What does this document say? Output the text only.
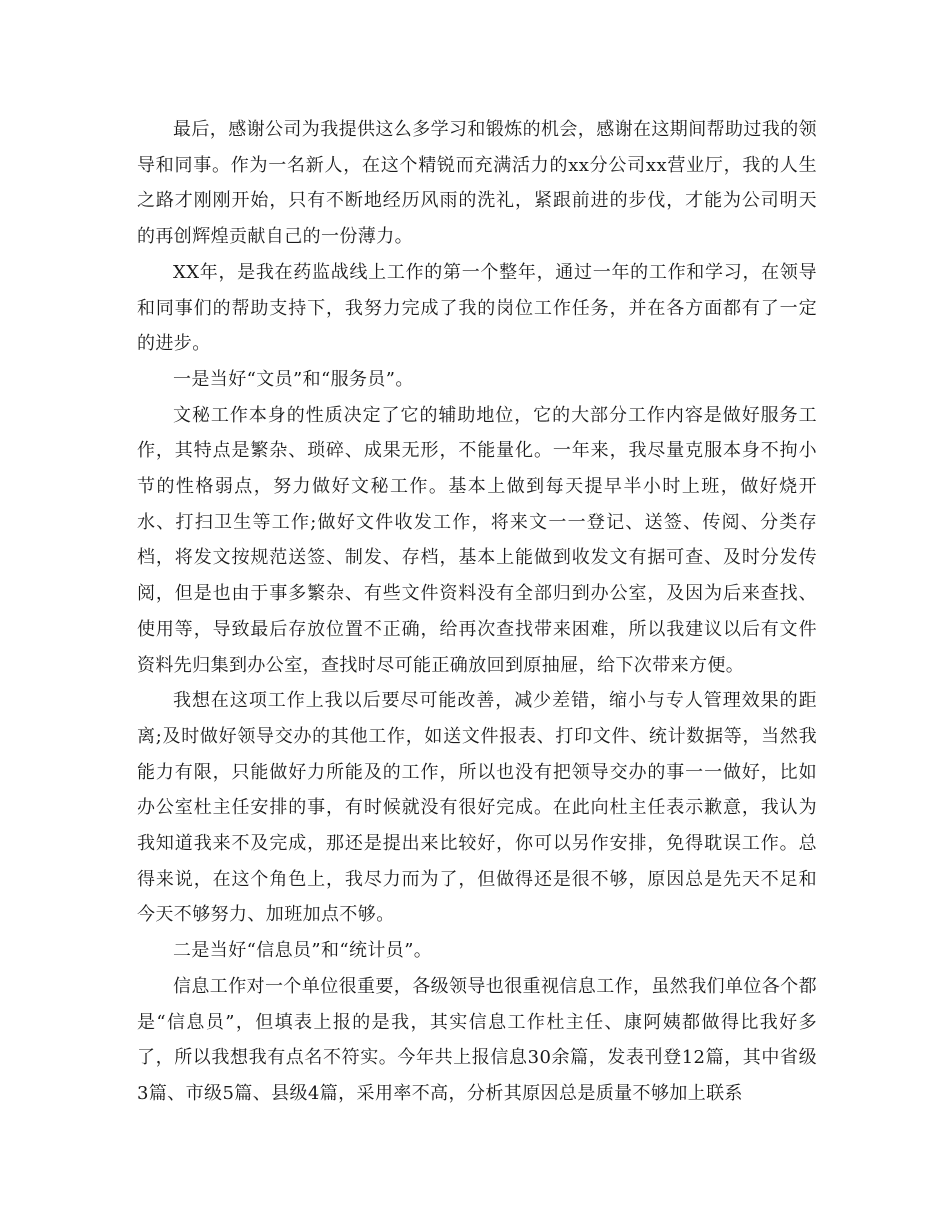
最后，感谢公司为我提供这么多学习和锻炼的机会，感谢在这期间帮助过我的领导和同事。作为一名新人，在这个精锐而充满活力的xx分公司xx营业厅，我的人生之路才刚刚开始，只有不断地经历风雨的洗礼，紧跟前进的步伐，才能为公司明天的再创辉煌贡献自己的一份薄力。

XX年，是我在药监战线上工作的第一个整年，通过一年的工作和学习，在领导和同事们的帮助支持下，我努力完成了我的岗位工作任务，并在各方面都有了一定的进步。

一是当好“文员”和“服务员”。

文秘工作本身的性质决定了它的辅助地位，它的大部分工作内容是做好服务工作，其特点是繁杂、琐碎、成果无形，不能量化。一年来，我尽量克服本身不拘小节的性格弱点，努力做好文秘工作。基本上做到每天提早半小时上班，做好烧开水、打扫卫生等工作;做好文件收发工作，将来文一一登记、送签、传阅、分类存档，将发文按规范送签、制发、存档，基本上能做到收发文有据可查、及时分发传阅，但是也由于事多繁杂、有些文件资料没有全部归到办公室，及因为后来查找、使用等，导致最后存放位置不正确，给再次查找带来困难，所以我建议以后有文件资料先归集到办公室，查找时尽可能正确放回到原抽屉，给下次带来方便。

我想在这项工作上我以后要尽可能改善，减少差错，缩小与专人管理效果的距离;及时做好领导交办的其他工作，如送文件报表、打印文件、统计数据等，当然我能力有限，只能做好力所能及的工作，所以也没有把领导交办的事一一做好，比如办公室杜主任安排的事，有时候就没有很好完成。在此向杜主任表示歉意，我认为我知道我来不及完成，那还是提出来比较好，你可以另作安排，免得耽误工作。总得来说，在这个角色上，我尽力而为了，但做得还是很不够，原因总是先天不足和今天不够努力、加班加点不够。

二是当好“信息员”和“统计员”。

信息工作对一个单位很重要，各级领导也很重视信息工作，虽然我们单位各个都是“信息员”，但填表上报的是我，其实信息工作杜主任、康阿姨都做得比我好多了，所以我想我有点名不符实。今年共上报信息30余篇，发表刊登12篇，其中省级3篇、市级5篇、县级4篇，采用率不高，分析其原因总是质量不够加上联系
